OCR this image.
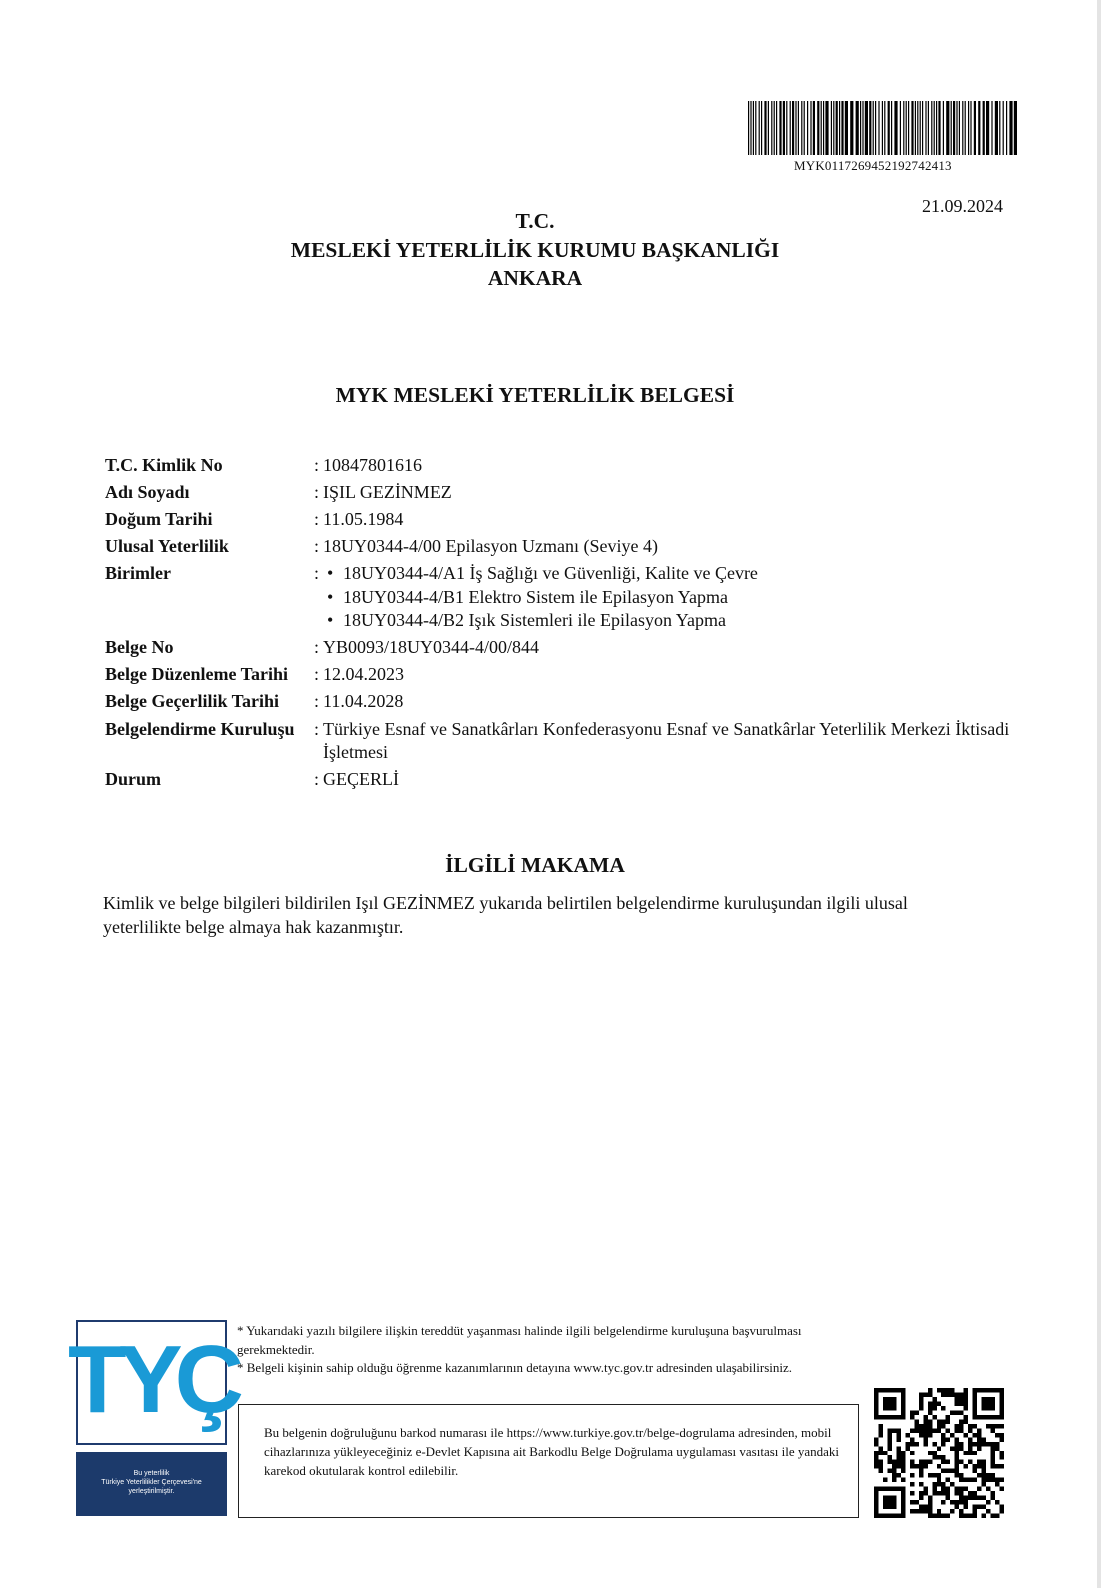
MYK0117269452192742413
21.09.2024
T.C.
MESLEKİ YETERLİLİK KURUMU BAŞKANLIĞI
ANKARA
MYK MESLEKİ YETERLİLİK BELGESİ
T.C. Kimlik No	: 10847801616
Adı Soyadı	: IŞIL GEZİNMEZ
Doğum Tarihi	: 11.05.1984
Ulusal Yeterlilik	: 18UY0344-4/00 Epilasyon Uzmanı (Seviye 4)
Birimler	:
•	18UY0344-4/A1 İş Sağlığı ve Güvenliği, Kalite ve Çevre
• 18UY0344-4/B1 Elektro Sistem ile Epilasyon Yapma
• 18UY0344-4/B2 Işık Sistemleri ile Epilasyon Yapma
Belge No	: YB0093/18UY0344-4/00/844
Belge Düzenleme Tarihi : 12.04.2023
Belge Geçerlilik Tarihi : 11.04.2028
Belgelendirme Kuruluşu : Türkiye Esnaf ve Sanatkârları Konfederasyonu Esnaf ve Sanatkârlar Yeterlilik Merkezi İktisadi İşletmesi
Durum	: GEÇERLİ
İLGİLİ MAKAMA

Kimlik ve belge bilgileri bildirilen Işıl GEZİNMEZ yukarıda belirtilen belgelendirme kuruluşundan ilgili ulusal yeterlilikte belge almaya hak kazanmıştır.

TYÇ
Bu yeterlilik
Türkiye Yeterlilikler Çerçevesi'ne
yerleştirilmiştir.

* Yukarıdaki yazılı bilgilere ilişkin tereddüt yaşanması halinde ilgili belgelendirme kuruluşuna başvurulması gerekmektedir.

* Belgeli kişinin sahip olduğu öğrenme kazanımlarının detayına www.tyc.gov.tr adresinden ulaşabilirsiniz.

Bu belgenin doğruluğunu barkod numarası ile https://www.turkiye.gov.tr/belge-dogrulama adresinden, mobil cihazlarınıza yükleyeceğiniz e-Devlet Kapısına ait Barkodlu Belge Doğrulama uygulaması vasıtası ile yandaki karekod okutularak kontrol edilebilir.
